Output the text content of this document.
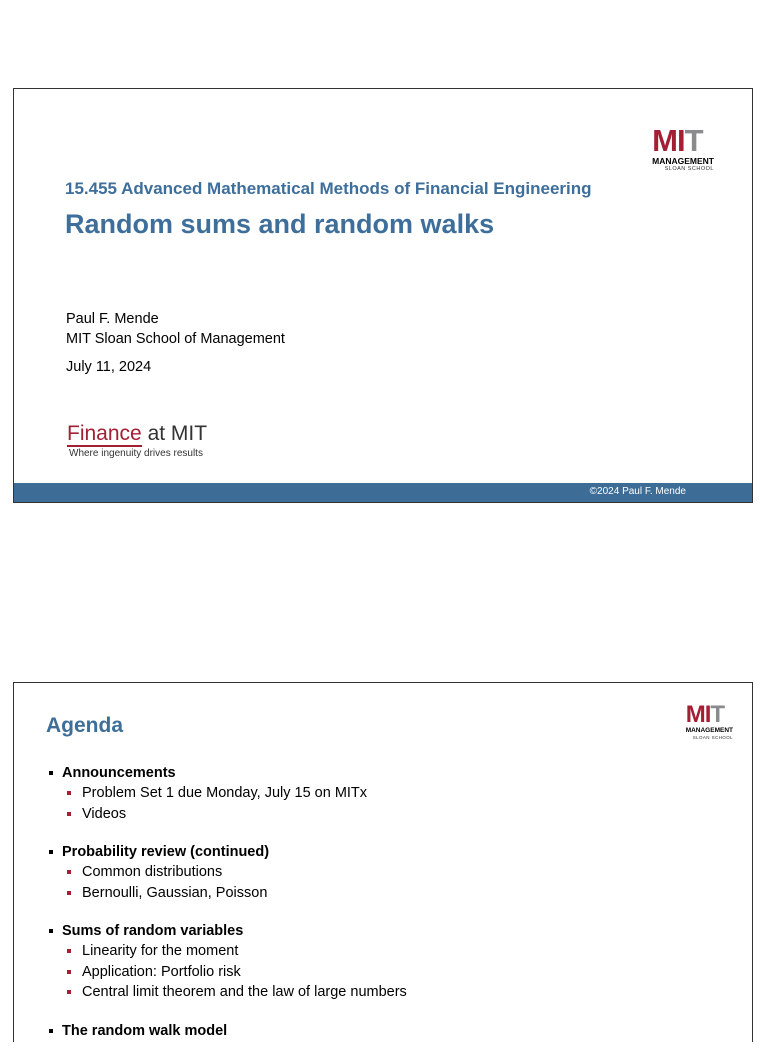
MIT
MANAGEMENT
SLOAN SCHOOL
15.455 Advanced Mathematical Methods of Financial Engineering
Random sums and random walks
Paul F. Mende
MIT Sloan School of Management
July 11, 2024
Finance at MIT
Where ingenuity drives results
©2024 Paul F. Mende
MIT
MANAGEMENT
SLOAN SCHOOL
Agenda
Announcements
Problem Set 1 due Monday, July 15 on MITx
Videos
Probability review (continued)
Common distributions
Bernoulli, Gaussian, Poisson
Sums of random variables
Linearity for the moment
Application: Portfolio risk
Central limit theorem and the law of large numbers
The random walk model
